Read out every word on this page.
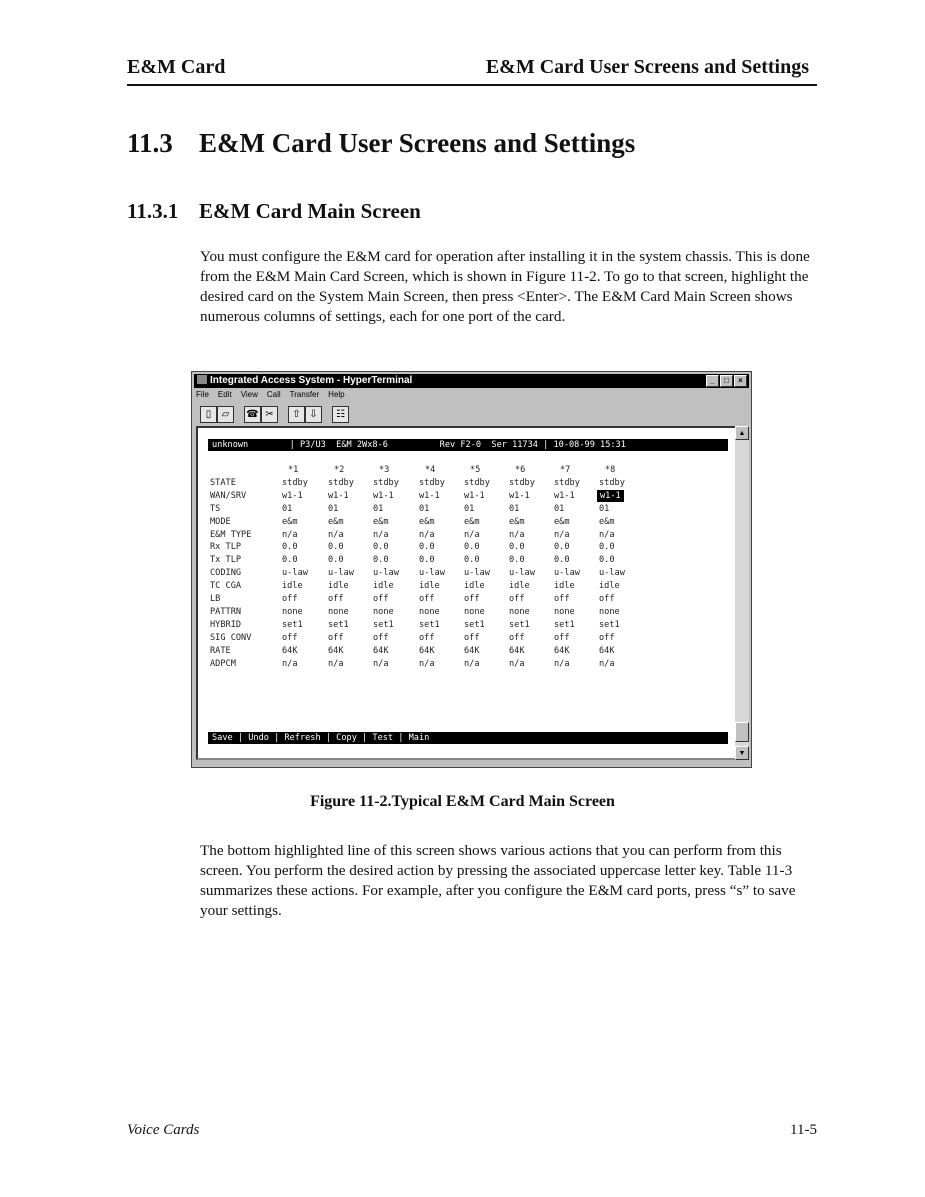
E&M Card	E&M Card User Screens and Settings
11.3 E&M Card User Screens and Settings
11.3.1 E&M Card Main Screen

You must configure the E&M card for operation after installing it in the system chassis. This is done from the E&M Main Card Screen, which is shown in Figure 11-2. To go to that screen, highlight the desired card on the System Main Screen, then press <Enter>. The E&M Card Main Screen shows numerous columns of settings, each for one port of the card.

Integrated Access System - HyperTerminal	_ □ ×
File Edit View Call Transfer Help
▯	▱	☎ ✂	⇧ ⇩	☷
unknown        | P3/U3  E&M 2Wx8-6          Rev F2-0  Ser 11734 | 10-08-99 15:31
Save | Undo | Refresh | Copy | Test | Main
*1	*2	*3	*4	*5	*6	*7	*8
STATE	stdby	stdby	stdby	stdby	stdby	stdby	stdby	stdby
WAN/SRV	w1-1	w1-1	w1-1	w1-1	w1-1	w1-1	w1-1	w1-1
TS	01	01	01	01	01	01	01	01
MODE	e&m	e&m	e&m	e&m	e&m	e&m	e&m	e&m
E&M TYPE	n/a	n/a	n/a	n/a	n/a	n/a	n/a	n/a
Rx TLP	0.0	0.0	0.0	0.0	0.0	0.0	0.0	0.0
Tx TLP	0.0	0.0	0.0	0.0	0.0	0.0	0.0	0.0
CODING	u-law	u-law	u-law	u-law	u-law	u-law	u-law	u-law
TC CGA	idle	idle	idle	idle	idle	idle	idle	idle
LB	off	off	off	off	off	off	off	off
PATTRN	none	none	none	none	none	none	none	none
HYBRID	set1	set1	set1	set1	set1	set1	set1	set1
SIG CONV	off	off	off	off	off	off	off	off
RATE	64K	64K	64K	64K	64K	64K	64K	64K
ADPCM	n/a	n/a	n/a	n/a	n/a	n/a	n/a	n/a
▲
▼
Figure 11-2.Typical E&M Card Main Screen

The bottom highlighted line of this screen shows various actions that you can perform from this screen. You perform the desired action by pressing the associated uppercase letter key. Table 11-3 summarizes these actions. For example, after you configure the E&M card ports, press “s” to save your settings.

Voice Cards	11-5
